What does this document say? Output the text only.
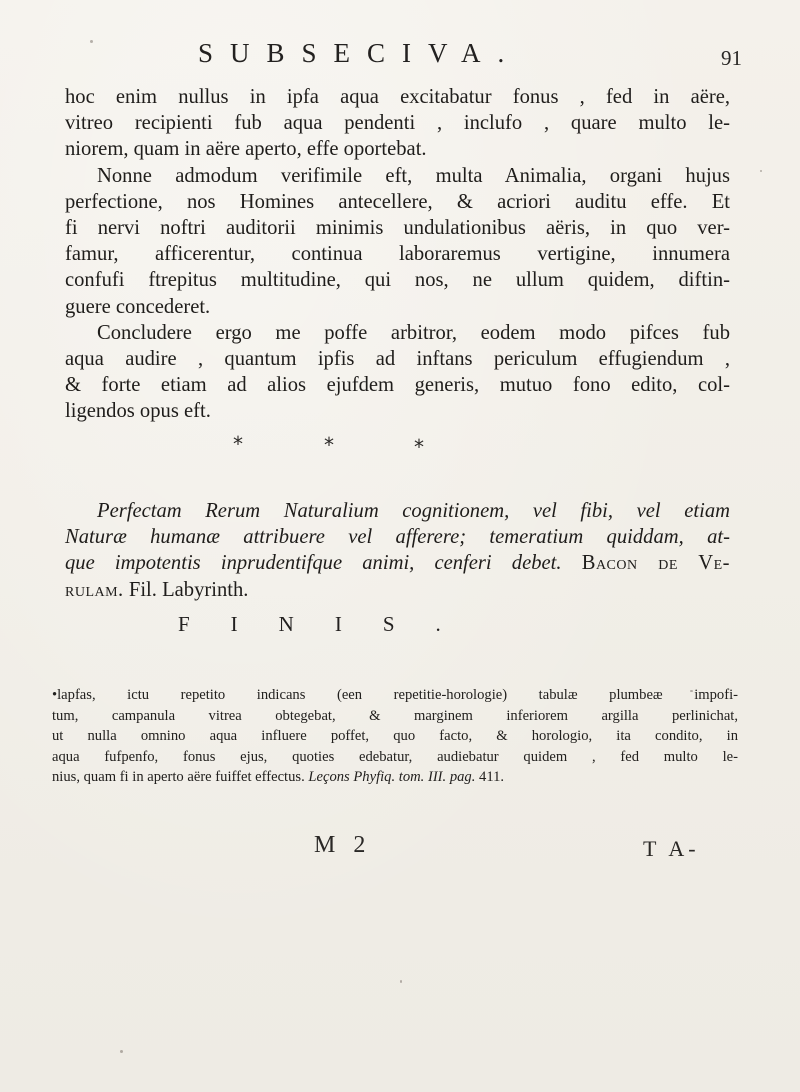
SUBSECIVA.	91
hoc enim nullus in ipfa aqua excitabatur fonus , fed in aëre,
vitreo recipienti fub aqua pendenti , inclufo , quare multo le-
niorem, quam in aëre aperto, effe oportebat.
Nonne admodum verifimile eft, multa Animalia, organi hujus
perfectione, nos Homines antecellere, & acriori auditu effe. Et
fi nervi noftri auditorii minimis undulationibus aëris, in quo ver-
famur, afficerentur, continua laboraremus vertigine, innumera
confufi ftrepitus multitudine, qui nos, ne ullum quidem, diftin-
guere concederet.
Concludere ergo me poffe arbitror, eodem modo pifces fub
aqua audire , quantum ipfis ad inftans periculum effugiendum ,
& forte etiam ad alios ejufdem generis, mutuo fono edito, col-
ligendos opus eft.
*	*	*
Perfectam Rerum Naturalium cognitionem, vel fibi, vel etiam
Naturæ humanæ attribuere vel afferere; temeratium quiddam, at-
que impotentis inprudentifque animi, cenferi debet. Bacon de Ve-
rulam. Fil. Labyrinth.
FINIS.
•lapfas, ictu repetito indicans (een repetitie-horologie) tabulæ plumbeæ impofi-
tum, campanula vitrea obtegebat, & marginem inferiorem argilla perlinichat,
ut nulla omnino aqua influere poffet, quo facto, & horologio, ita condito, in
aqua fufpenfo, fonus ejus, quoties edebatur, audiebatur quidem , fed multo le-
nius, quam fi in aperto aëre fuiffet effectus. Leçons Phyfiq. tom. III. pag. 411.
M 2	T A-
